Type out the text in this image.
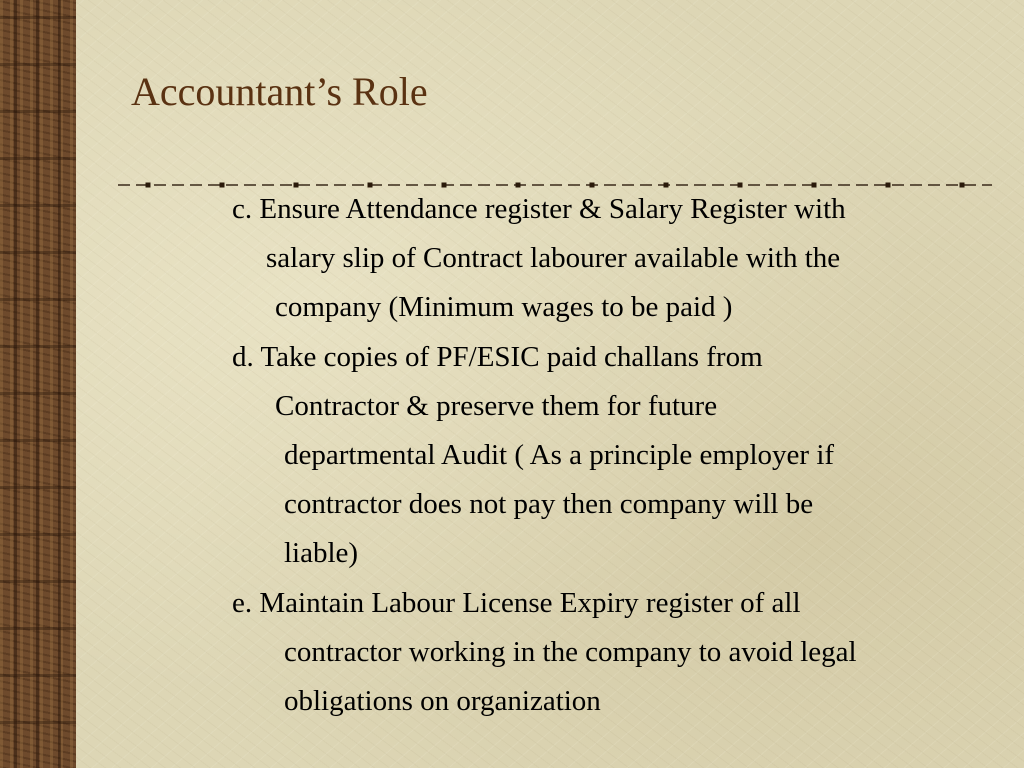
Accountant’s Role

c. Ensure Attendance register & Salary Register with

salary slip of Contract labourer available with the

company (Minimum wages to be paid )

d. Take copies of PF/ESIC paid challans from

Contractor & preserve them for future

departmental Audit ( As a principle employer if

contractor does not pay then company will be

liable)

e. Maintain Labour License Expiry register of all

contractor working in the company to avoid legal

obligations on organization
